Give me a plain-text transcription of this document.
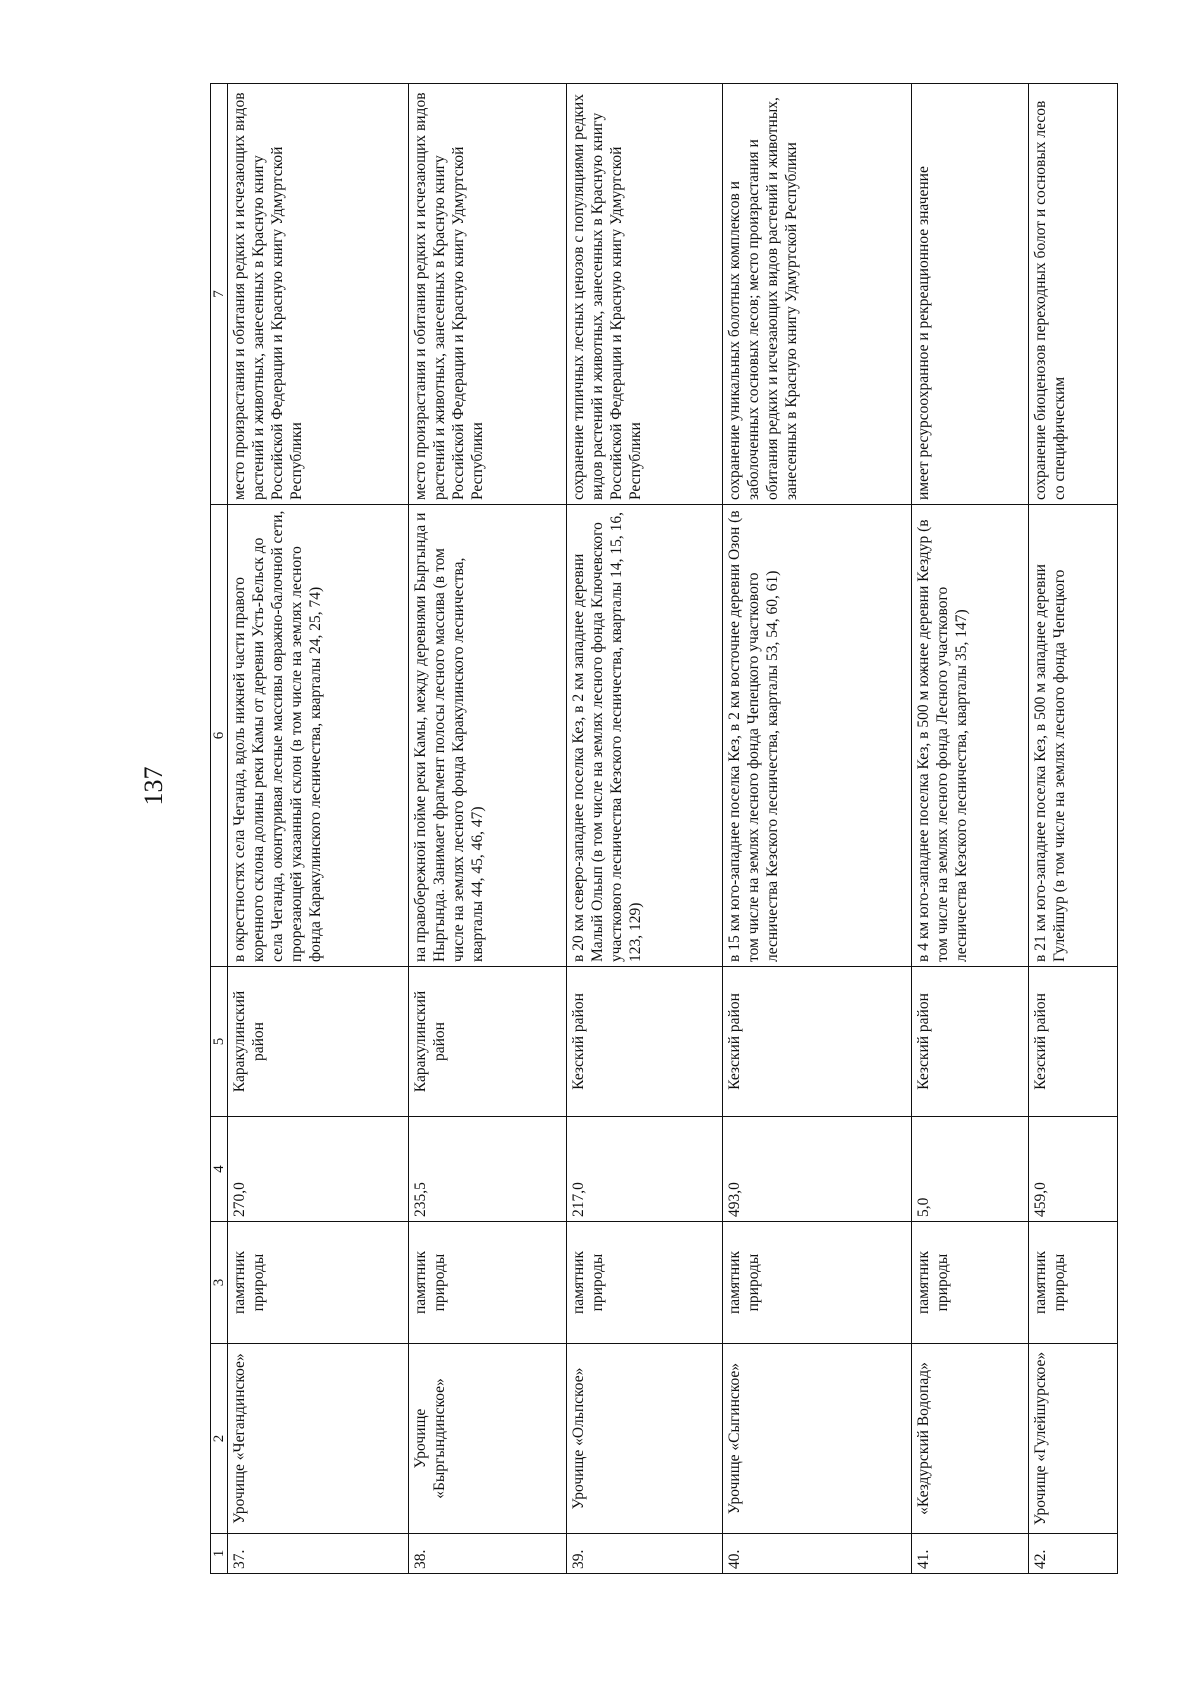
137
1	2	3	4	5	6	7
37.	Урочище «Чегандинское»	памятник природы	270,0	Каракулинский район	в окрестностях села Чеганда, вдоль нижней части правого коренного склона долины реки Камы от деревни Усть-Бельск до села Чеганда, оконтуривая лесные массивы овражно-балочной сети, прорезающей указанный склон (в том числе на землях лесного фонда Каракулинского лесничества, кварталы 24, 25, 74)	место произрастания и обитания редких и исчезающих видов растений и животных, занесенных в Красную книгу Российской Федерации и Красную книгу Удмуртской Республики
38.	Урочище «Быргындинское»	памятник природы	235,5	Каракулинский район	на правобережной пойме реки Камы, между деревнями Быргында и Ныргында. Занимает фрагмент полосы лесного массива (в том числе на землях лесного фонда Каракулинского лесничества, кварталы 44, 45, 46, 47)	место произрастания и обитания редких и исчезающих видов растений и животных, занесенных в Красную книгу Российской Федерации и Красную книгу Удмуртской Республики
39.	Урочище «Ольпское»	памятник природы	217,0	Кезский район	в 20 км северо-западнее поселка Кез, в 2 км западнее деревни Малый Ольып (в том числе на землях лесного фонда Ключевского участкового лесничества Кезского лесничества, кварталы 14, 15, 16, 123, 129)	сохранение типичных лесных ценозов с популяциями редких видов растений и животных, занесенных в Красную книгу Российской Федерации и Красную книгу Удмуртской Республики
40.	Урочище «Сыгинское»	памятник природы	493,0	Кезский район	в 15 км юго-западнее поселка Кез, в 2 км восточнее деревни Озон (в том числе на землях лесного фонда Чепецкого участкового лесничества Кезского лесничества, кварталы 53, 54, 60, 61)	сохранение уникальных болотных комплексов и заболоченных сосновых лесов; место произрастания и обитания редких и исчезающих видов растений и животных, занесенных в Красную книгу Удмуртской Республики
41.	«Кездурский Водопад»	памятник природы	5,0	Кезский район	в 4 км юго-западнее поселка Кез, в 500 м южнее деревни Кездур (в том числе на землях лесного фонда Лесного участкового лесничества Кезского лесничества, кварталы 35, 147)	имеет ресурсоохранное и рекреационное значение
42.	Урочище «Гулейшурское»	памятник природы	459,0	Кезский район	в 21 км юго-западнее поселка Кез, в 500 м западнее деревни Гулейшур (в том числе на землях лесного фонда Чепецкого	сохранение биоценозов переходных болот и сосновых лесов со специфическим
